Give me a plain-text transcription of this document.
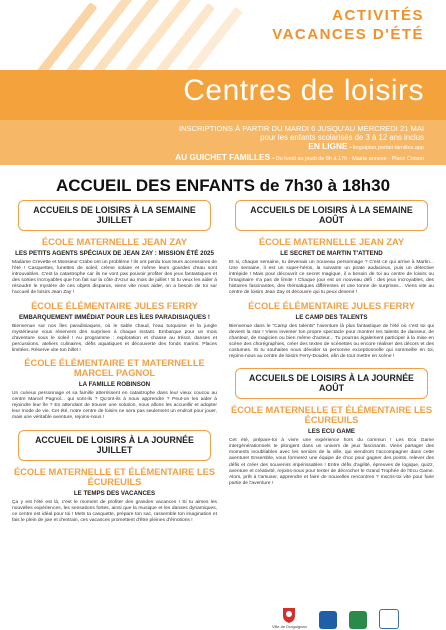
ACTIVITÉS
VACANCES D'ÉTÉ
Centres de loisirs
INSCRIPTIONS À PARTIR DU MARDI 6 JUSQU'AU MERCREDI 21 MAI
pour les enfants scolarisés de 3 à 12 ans inclus
EN LIGNE • linguiplan.portail-familles.app
AU GUICHET FAMILLES • Du lundi au jeudi de 8h à 17h - Mairie annexe - Place Coison
ACCUEIL DES ENFANTS de 7h30 à 18h30
ACCUEILS DE LOISIRS À LA SEMAINE JUILLET
ÉCOLE MATERNELLE JEAN ZAY
LES PETITS AGENTS SPÉCIAUX DE JEAN ZAY : MISSION ÉTÉ 2025
Madame Crevette et Monsieur Crabe ont un problème ! Ils ont perdu tous leurs accessoires de l'été ! Casquettes, lunettes de soleil, crème solaire et même leurs gourdes d'eau sont introuvables. C'est la catastrophe car ils ne vont pas pouvoir profiter des jeux fantastiques et des sorties incroyables que l'on fait sur la côte d'Azur au mois de juillet ! Si tu veux les aider à résoudre le mystère de ces objets disparus, viens vite nous aider, on a besoin de toi sur l'accueil de loisirs Jean Zay !
ÉCOLE ÉLÉMENTAIRE JULES FERRY
EMBARQUEMENT IMMÉDIAT POUR LES ÎLES PARADISIAQUES !
Bienvenue sur nos îles paradisiaques, où le sable chaud, l'eau turquoise et la jungle mystérieuse vous réservent des surprises à chaque instant. Embarque pour un mois d'aventure sous le soleil ! Au programme : exploration et chasse au trésor, danses et percussions, ateliers culinaires, défis aquatiques et découverte des fonds marins. Places limitées. Réserve vite ton billet !
ÉCOLE ÉLÉMENTAIRE ET MATERNELLE MARCEL PAGNOL
LA FAMILLE ROBINSON
Un curieux personnage et sa famille atterrissent en catastrophe dans leur vieux coucou au centre Marcel Pagnol... qui sont-ils ? Qu'ont-ils à nous apprendre ? Peut-on les aider à rejoindre leur île ? En attendant de trouver une solution, nous allons les accueillir et adopter leur mode de vie. Cet été, notre centre de loisirs ne sera pas seulement un endroit pour jouer, mais une véritable aventure, rejoins-nous !
ACCUEIL DE LOISIRS À LA JOURNÉE JUILLET
ÉCOLE MATERNELLE ET ÉLÉMENTAIRE LES ÉCUREUILS
LE TEMPS DES VACANCES
Ça y est l'été est là, c'est le moment de profiter des grandes vacances ! Si tu aimes les nouvelles expériences, les sensations fortes, ainsi que la musique et les danses dynamiques, ce centre est idéal pour toi ! Mets ta casquette, prépare ton sac, rassemble ton imagination et fais le plein de joie et d'entrain, ces vacances promettent d'être pleines d'émotions !
ACCUEILS DE LOISIRS À LA SEMAINE AOÛT
ÉCOLE MATERNELLE JEAN ZAY
LE SECRET DE MARTIN T'ATTEND
Et si, chaque semaine, tu devenais un nouveau personnage ? C'est ce qui arrive à Martin... Une semaine, il est un super-héros, la suivante un pirate audacieux, puis un détective intrépide ! Mais pour découvrir ce secret magique, il a besoin de toi au centre de loisirs ou l'imaginaire n'a pas de limite ! Chaque jour est un nouveau défi : des jeux incroyables, des histoires fascinantes, des thématiques différentes et une tonne de surprises... Viens vite au centre de loisirs Jean Zay et découvre qui tu peux devenir !
ÉCOLE ÉLÉMENTAIRE JULES FERRY
LE CAMP DES TALENTS
Bienvenue dans le "Camp des talents" l'aventure là plus fantastique de l'été où c'est toi qui devient la star ! Viens inventer ton propre spectacle pour montrer tes talents de danseur, de chanteur, de magicien ou bien même d'acteur... Tu pourras également participer à la mise en scène des chorégraphies, créer des textes de scénettes ou encore réaliser des décors et des costumes. Si tu souhaites nous dévoiler ta personne exceptionnelle qui sommeille en toi, rejoins-nous au centre de loisirs Ferry-Doudet, afin de tout mettre en scène !
ACCUEILS DE LOISIRS À LA JOURNÉE AOÛT
ÉCOLE MATERNELLE ET ÉLÉMENTAIRE LES ÉCUREUILS
LES ECU GAME
Cet été, prépare-toi à vivre une expérience hors du commun ! Les Ecu Game intergénérationnels te plongent dans un univers de jeux fascinants. Viens partager des moments inoubliables avec les seniors de la ville, qui viendront t'accompagner dans cette aventure! Ensemble, vous formerez une équipe de choc pour gagner des points, relever des défis et créer des souvenirs impérissables ! Entre défis d'agilité, épreuves de logique, quizz, aventure et créativité, rejoins-nous pour tenter de décrocher le Grand Trophée de l'Ecu Game. Alors, prêt à t'amuser, apprendre et faire de nouvelles rencontres ? Inscris-toi vite pour faire partie de l'aventure !
Ville de Draguignan
